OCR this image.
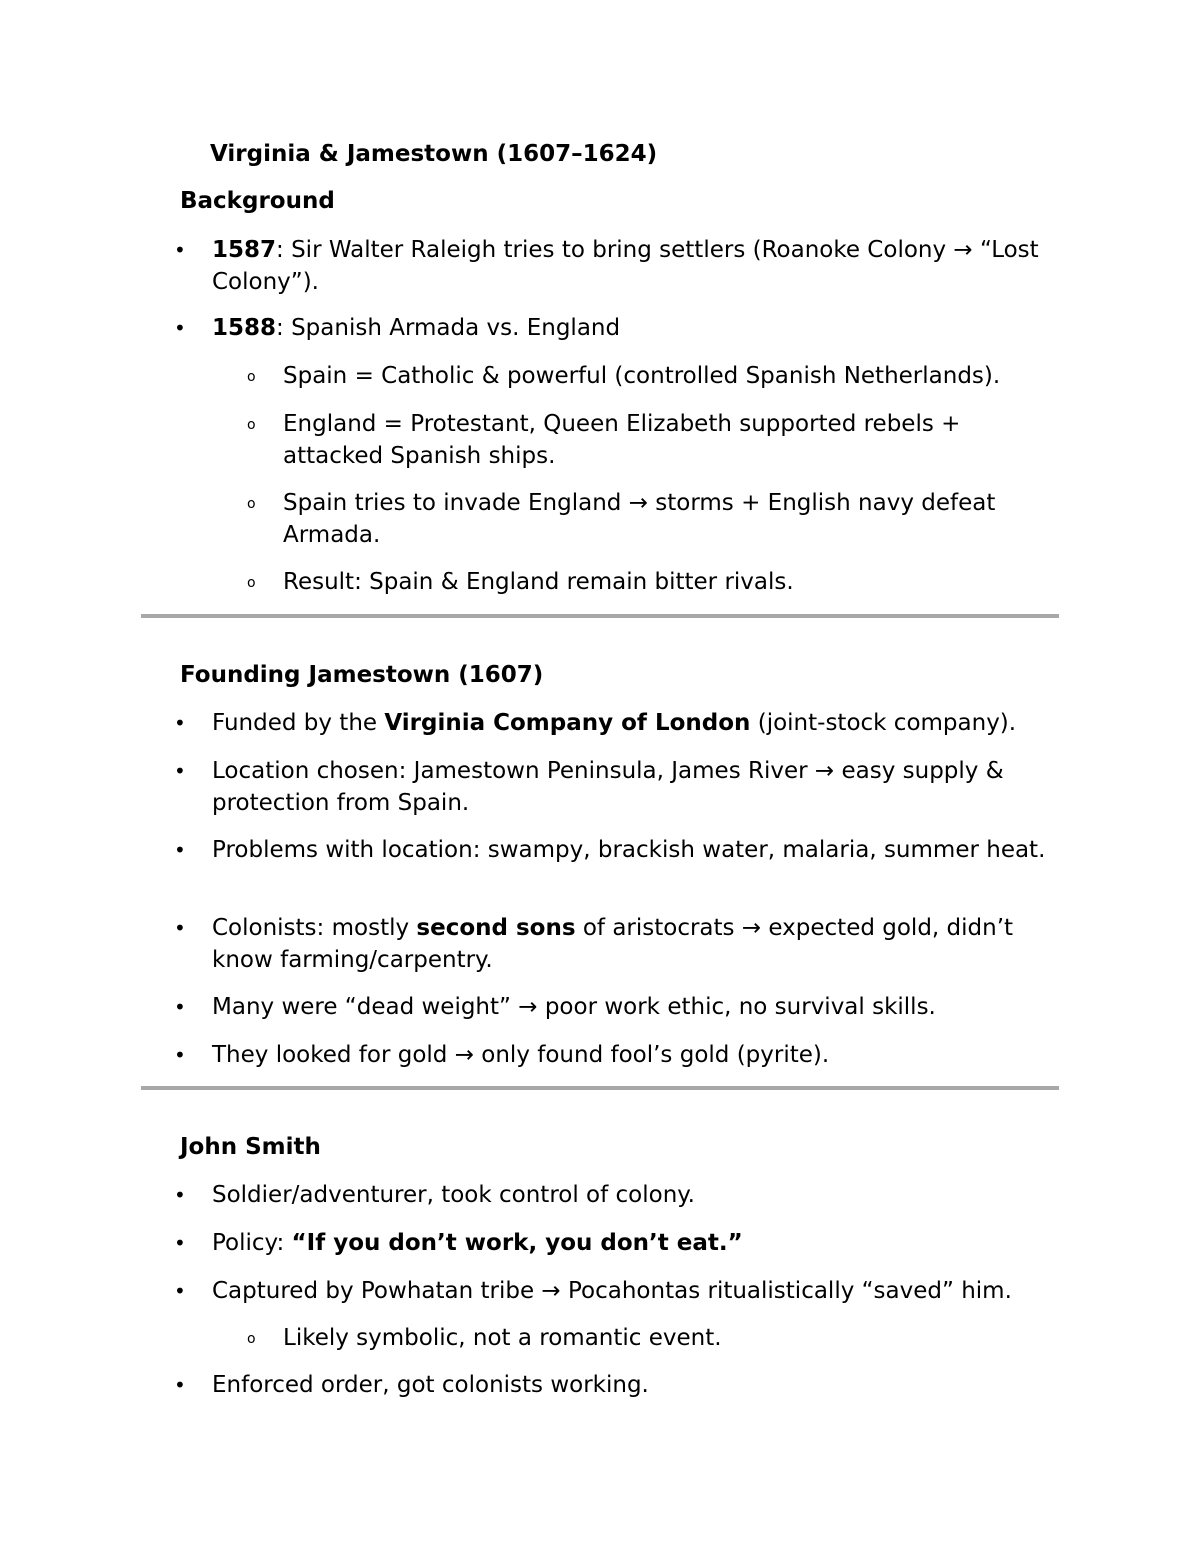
Virginia & Jamestown (1607–1624)
Background
• 1587: Sir Walter Raleigh tries to bring settlers (Roanoke Colony → “Lost Colony”).
• 1588: Spanish Armada vs. England
o Spain = Catholic & powerful (controlled Spanish Netherlands).
o England = Protestant, Queen Elizabeth supported rebels + attacked Spanish ships.
o Spain tries to invade England → storms + English navy defeat Armada.
o Result: Spain & England remain bitter rivals.
Founding Jamestown (1607)
• Funded by the Virginia Company of London (joint-stock company).
• Location chosen: Jamestown Peninsula, James River → easy supply & protection from Spain.
• Problems with location: swampy, brackish water, malaria, summer heat.
• Colonists: mostly second sons of aristocrats → expected gold, didn’t know farming/carpentry.
• Many were “dead weight” → poor work ethic, no survival skills.
• They looked for gold → only found fool’s gold (pyrite).
John Smith
• Soldier/adventurer, took control of colony.
• Policy: “If you don’t work, you don’t eat.”
• Captured by Powhatan tribe → Pocahontas ritualistically “saved” him.
o Likely symbolic, not a romantic event.
• Enforced order, got colonists working.
